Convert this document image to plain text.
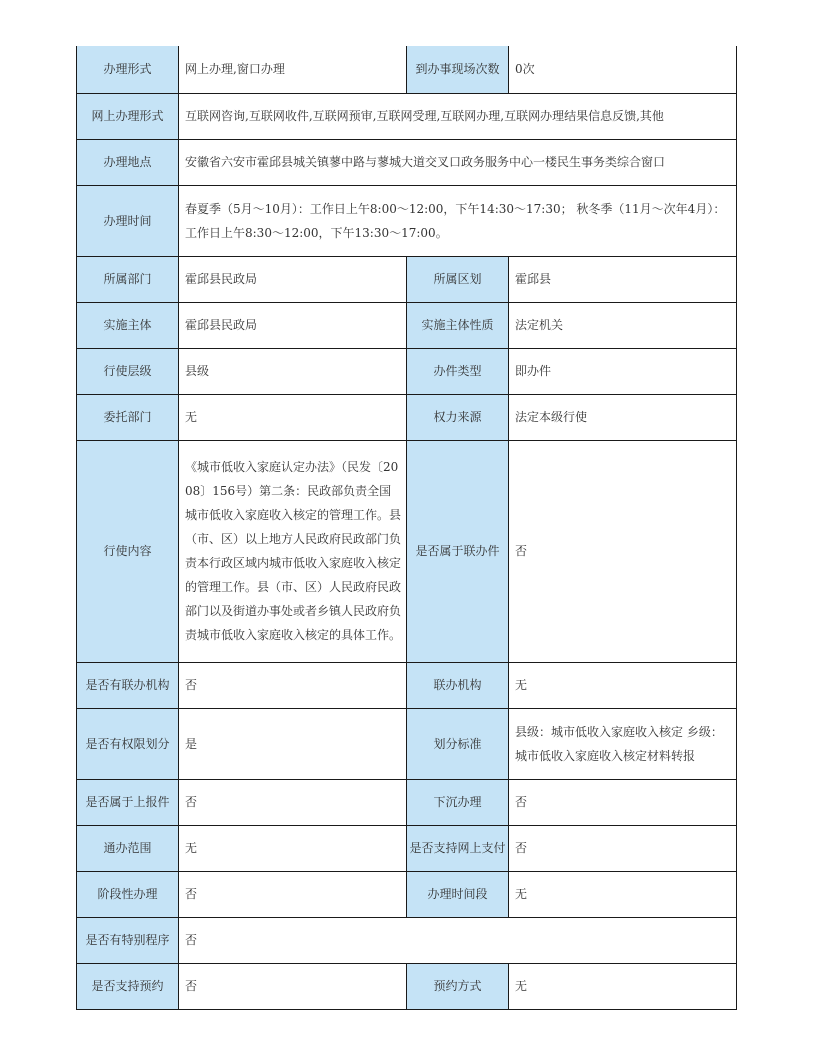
办理形式	网上办理,窗口办理	到办事现场次数	0次
网上办理形式	互联网咨询,互联网收件,互联网预审,互联网受理,互联网办理,互联网办理结果信息反馈,其他		
办理地点	安徽省六安市霍邱县城关镇蓼中路与蓼城大道交叉口政务服务中心一楼民生事务类综合窗口		
办理时间	春夏季（5月～10月）：工作日上午8:00～12:00，下午14:30～17:30； 秋冬季（11月～次年4月）：工作日上午8:30～12:00，下午13:30～17:00。		
所属部门	霍邱县民政局	所属区划	霍邱县
实施主体	霍邱县民政局	实施主体性质	法定机关
行使层级	县级	办件类型	即办件
委托部门	无	权力来源	法定本级行使
行使内容	《城市低收入家庭认定办法》（民发〔2008〕156号）第二条：民政部负责全国城市低收入家庭收入核定的管理工作。县（市、区）以上地方人民政府民政部门负责本行政区域内城市低收入家庭收入核定的管理工作。县（市、区）人民政府民政部门以及街道办事处或者乡镇人民政府负责城市低收入家庭收入核定的具体工作。	是否属于联办件	否
是否有联办机构	否	联办机构	无
是否有权限划分	是	划分标准	县级：城市低收入家庭收入核定 乡级：城市低收入家庭收入核定材料转报
是否属于上报件	否	下沉办理	否
通办范围	无	是否支持网上支付	否
阶段性办理	否	办理时间段	无
是否有特别程序	否		
是否支持预约	否	预约方式	无
